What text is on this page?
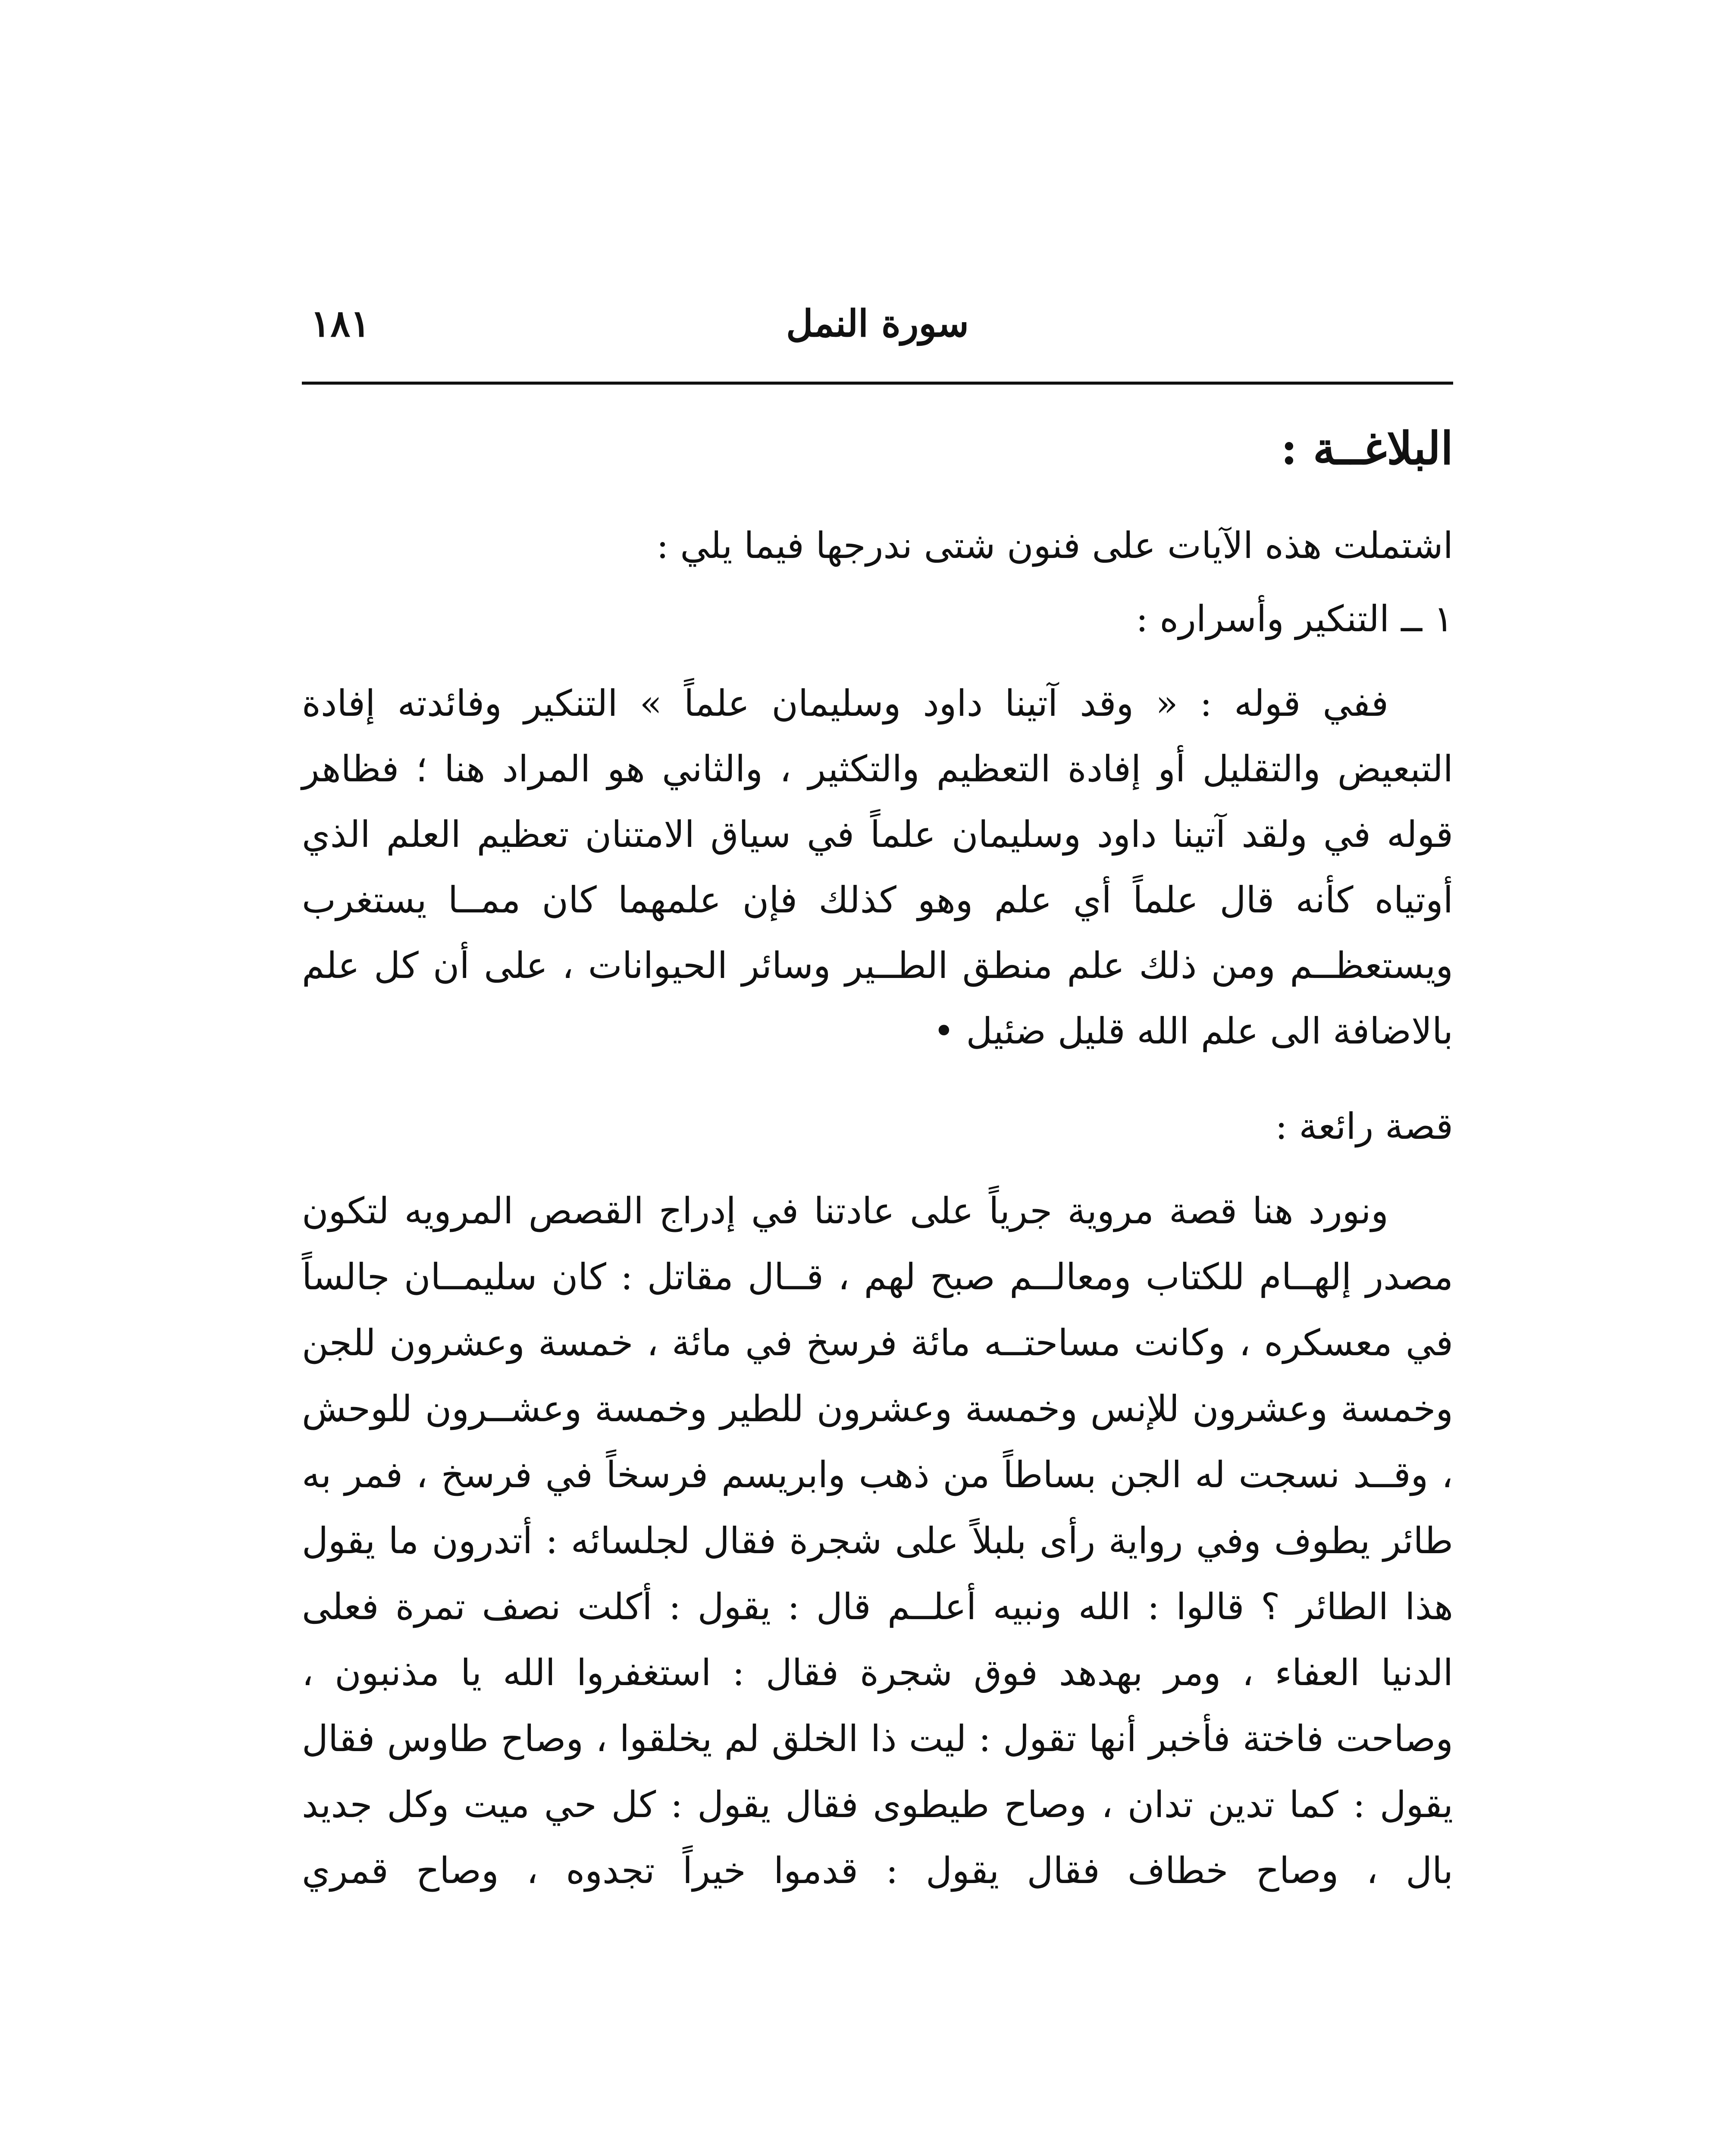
١٨١	سورة النمل
البلاغــة :

اشتملت هذه الآيات على فنون شتى ندرجها فيما يلي :

١ ــ التنكير وأسراره :

ففي قوله : « وقد آتينا داود وسليمان علماً » التنكير وفائدته إفادة التبعيض والتقليل أو إفادة التعظيم والتكثير ، والثاني هو المراد هنا ؛ فظاهر قوله في ولقد آتينا داود وسليمان علماً في سياق الامتنان تعظيم العلم الذي أوتياه كأنه قال علماً أي علم وهو كذلك فإن علمهما كان ممــا يستغرب ويستعظــم ومن ذلك علم منطق الطــير وسائر الحيوانات ، على أن كل علم بالاضافة الى علم الله قليل ضئيل •

قصة رائعة :

ونورد هنا قصة مروية جرياً على عادتنا في إدراج القصص المرويه لتكون مصدر إلهــام للكتاب ومعالــم صبح لهم ، قــال مقاتل : كان سليمــان جالساً في معسكره ، وكانت مساحتــه مائة فرسخ في مائة ، خمسة وعشرون للجن وخمسة وعشرون للإنس وخمسة وعشرون للطير وخمسة وعشــرون للوحش ، وقــد نسجت له الجن بساطاً من ذهب وابريسم فرسخاً في فرسخ ، فمر به طائر يطوف وفي رواية رأى بلبلاً على شجرة فقال لجلسائه : أتدرون ما يقول هذا الطائر ؟ قالوا : الله ونبيه أعلــم قال : يقول : أكلت نصف تمرة فعلى الدنيا العفاء ، ومر بهدهد فوق شجرة فقال : استغفروا الله يا مذنبون ، وصاحت فاختة فأخبر أنها تقول : ليت ذا الخلق لم يخلقوا ، وصاح طاوس فقال يقول : كما تدين تدان ، وصاح طيطوى فقال يقول : كل حي ميت وكل جديد بال ، وصاح خطاف فقال يقول : قدموا خيراً تجدوه ، وصاح قمري
